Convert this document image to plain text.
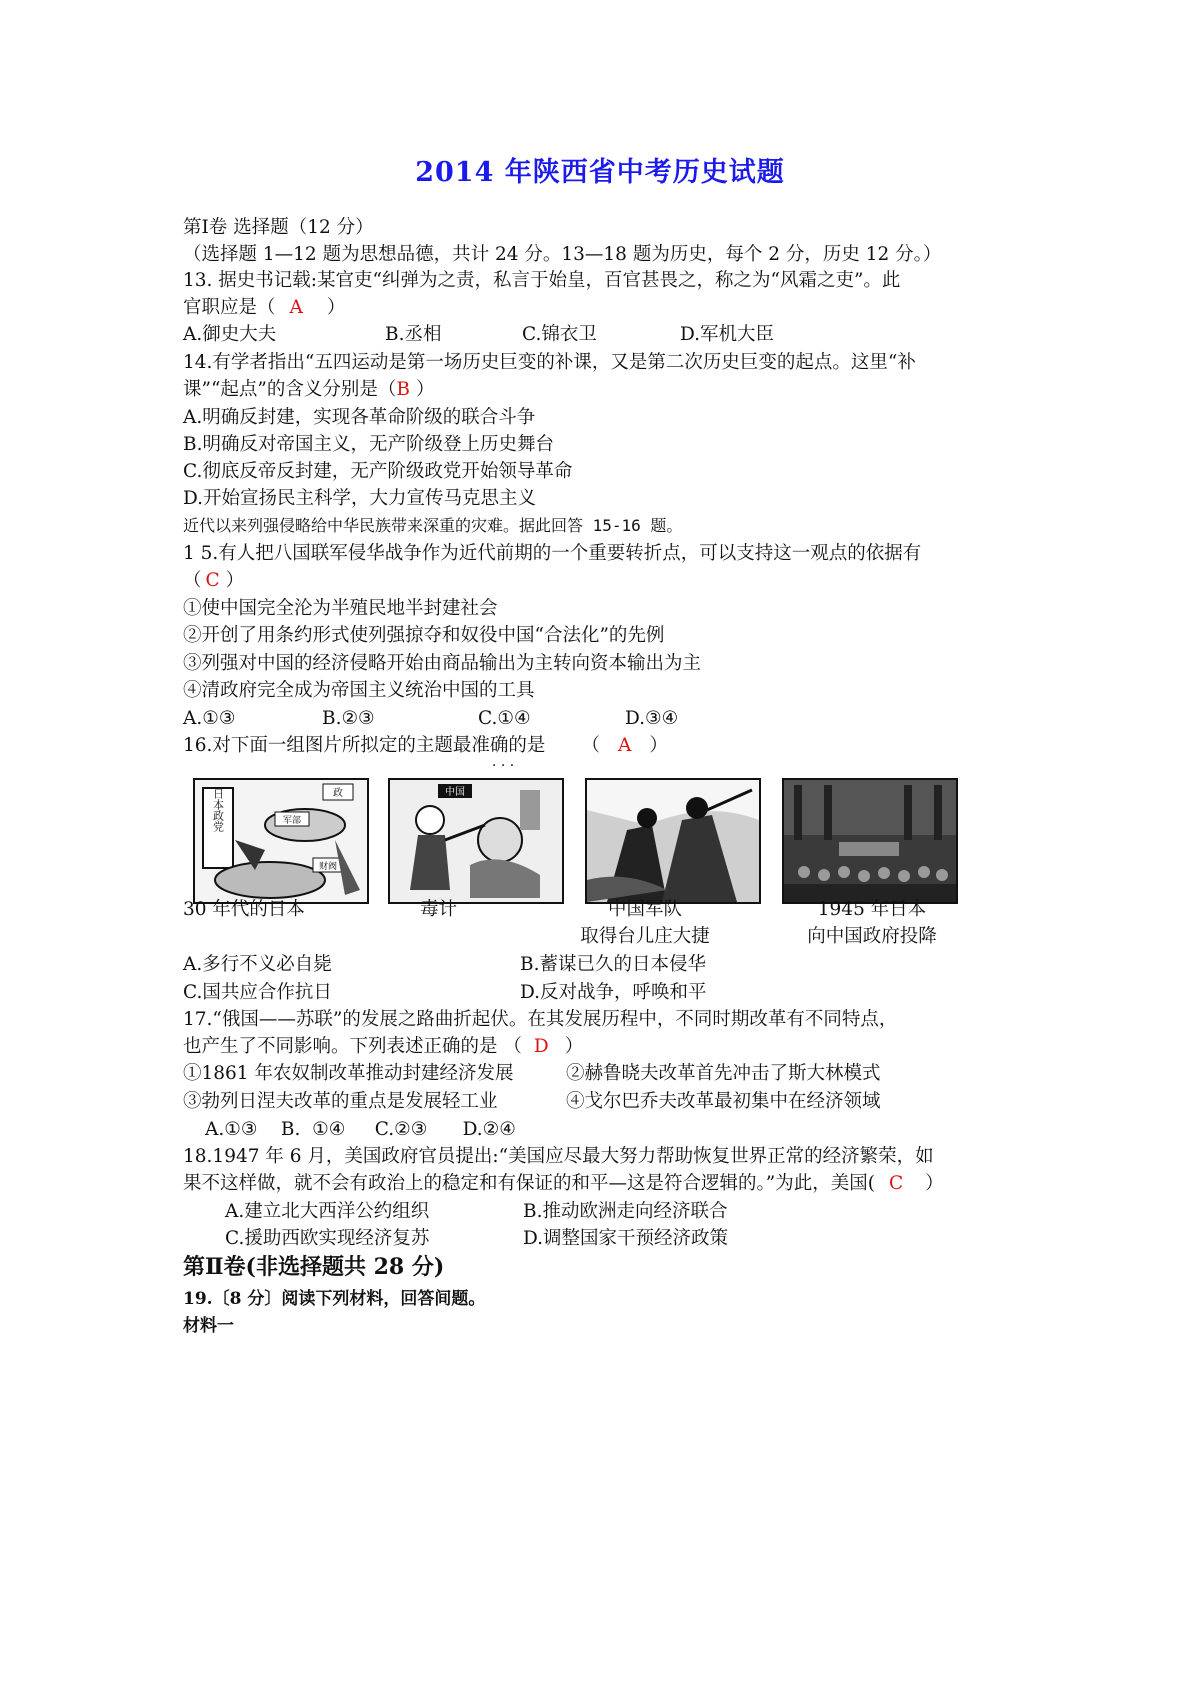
2014 年陕西省中考历史试题
第Ⅰ卷 选择题（12 分）
（选择题 1—12 题为思想品德，共计 24 分。13—18 题为历史，每个 2 分，历史 12 分。）
13. 据史书记载:某官吏“纠弹为之责，私言于始皇，百官甚畏之，称之为“风霜之吏”。此
官职应是（ A ）
A.御史大夫	B.丞相	C.锦衣卫	D.军机大臣
14.有学者指出“五四运动是第一场历史巨变的补课，又是第二次历史巨变的起点。这里“补
课”“起点”的含义分别是（B ）
A.明确反封建，实现各革命阶级的联合斗争
B.明确反对帝国主义，无产阶级登上历史舞台
C.彻底反帝反封建，无产阶级政党开始领导革命
D.开始宣扬民主科学，大力宣传马克思主义
近代以来列强侵略给中华民族带来深重的灾难。据此回答 15-16 题。
1 5.有人把八国联军侵华战争作为近代前期的一个重要转折点，可以支持这一观点的依据有
（ C ）
①使中国完全沦为半殖民地半封建社会
②开创了用条约形式使列强掠夺和奴役中国“合法化”的先例
③列强对中国的经济侵略开始由商品输出为主转向资本输出为主
④清政府完全成为帝国主义统治中国的工具
A.①③	B.②③	C.①④	D.③④
16.对下面一组图片所拟定的主题最准确的是 （ A ）
· · ·
日本政党	政
军部
财阀
中国
30 年代的日本	毒计	中国军队
取得台儿庄大捷
1945 年日本
向中国政府投降
A.多行不义必自毙	B.蓄谋已久的日本侵华
C.国共应合作抗日	D.反对战争，呼唤和平
17.“俄国——苏联”的发展之路曲折起伏。在其发展历程中，不同时期改革有不同特点，
也产生了不同影响。下列表述正确的是 （ D ）
①1861 年农奴制改革推动封建经济发展	②赫鲁晓夫改革首先冲击了斯大林模式
③勃列日涅夫改革的重点是发展轻工业	④戈尔巴乔夫改革最初集中在经济领域
A.①③    B.  ①④     C.②③      D.②④
18.1947 年 6 月，美国政府官员提出:“美国应尽最大努力帮助恢复世界正常的经济繁荣，如
果不这样做，就不会有政治上的稳定和有保证的和平—这是符合逻辑的。”为此，美国( C ）
A.建立北大西洋公约组织	B.推动欧洲走向经济联合
C.援助西欧实现经济复苏	D.调整国家干预经济政策
第Ⅱ卷(非选择题共 28 分)
19.〔8 分〕阅读下列材料，回答间题。
材料一
